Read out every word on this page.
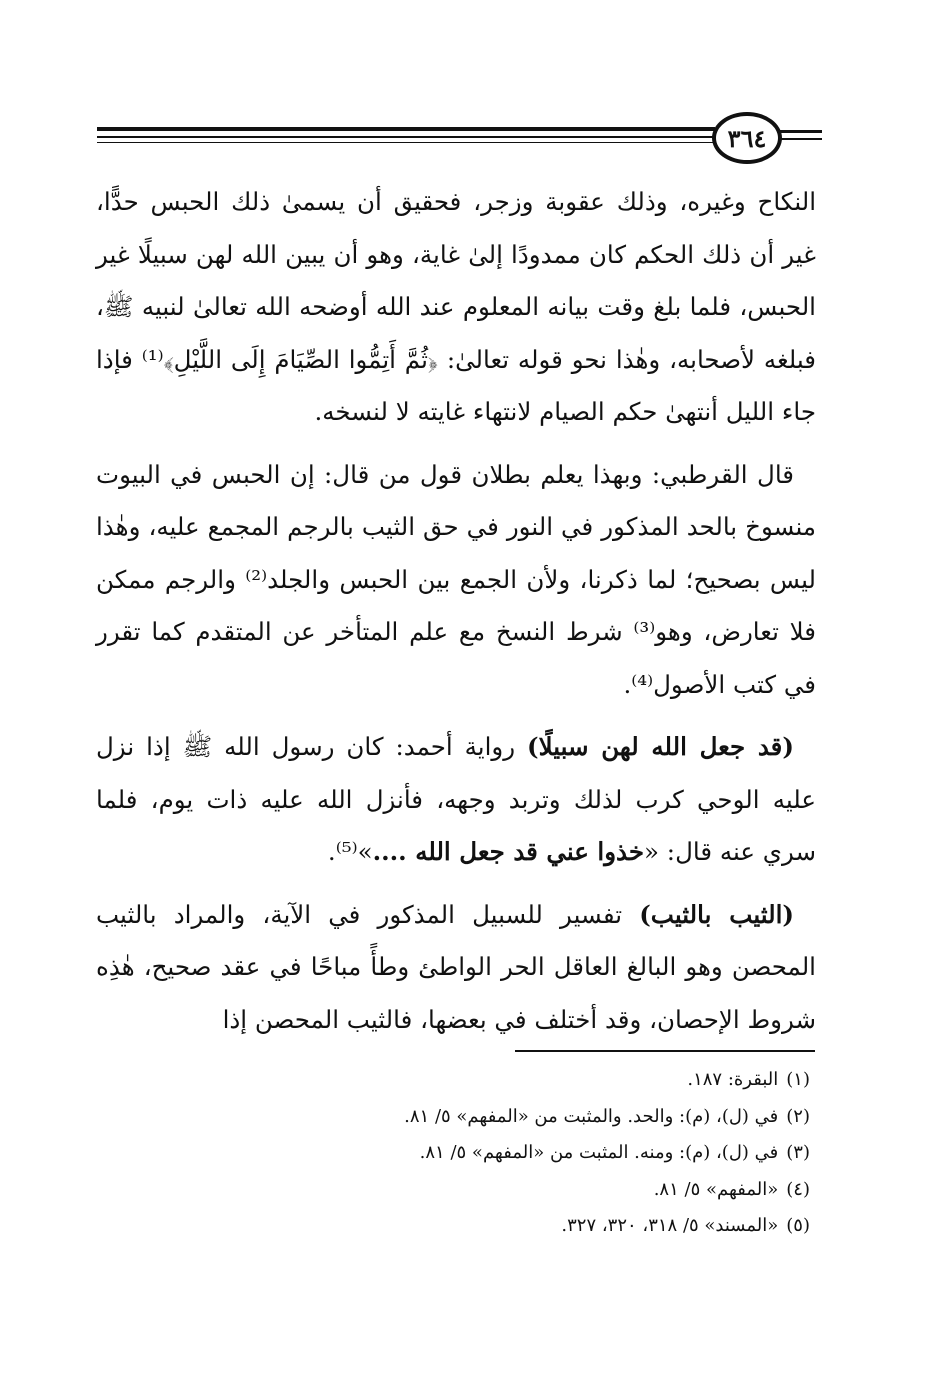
٣٦٤

النكاح وغيره، وذلك عقوبة وزجر، فحقيق أن يسمىٰ ذلك الحبس حدًّا، غير أن ذلك الحكم كان ممدودًا إلىٰ غاية، وهو أن يبين الله لهن سبيلًا غير الحبس، فلما بلغ وقت بيانه المعلوم عند الله أوضحه الله تعالىٰ لنبيه ﷺ، فبلغه لأصحابه، وهٰذا نحو قوله تعالىٰ: ﴿ثُمَّ أَتِمُّوا الصِّيَامَ إِلَى اللَّيْلِ﴾⁽¹⁾ فإذا جاء الليل أنتهىٰ حكم الصيام لانتهاء غايته لا لنسخه.

قال القرطبي: وبهذا يعلم بطلان قول من قال: إن الحبس في البيوت منسوخ بالحد المذكور في النور في حق الثيب بالرجم المجمع عليه، وهٰذا ليس بصحيح؛ لما ذكرنا، ولأن الجمع بين الحبس والجلد⁽²⁾ والرجم ممكن فلا تعارض، وهو⁽³⁾ شرط النسخ مع علم المتأخر عن المتقدم كما تقرر في كتب الأصول⁽⁴⁾.

(قد جعل الله لهن سبيلًا) رواية أحمد: كان رسول الله ﷺ إذا نزل عليه الوحي كرب لذلك وتربد وجهه، فأنزل الله عليه ذات يوم، فلما سري عنه قال: «خذوا عني قد جعل الله ....»⁽⁵⁾.

(الثيب بالثيب) تفسير للسبيل المذكور في الآية، والمراد بالثيب المحصن وهو البالغ العاقل الحر الواطئ وطأً مباحًا في عقد صحيح، هٰذِه شروط الإحصان، وقد أختلف في بعضها، فالثيب المحصن إذا

(١)البقرة: ١٨٧.

(٢)في (ل)، (م): والحد. والمثبت من «المفهم» ٥/ ٨١.

(٣)في (ل)، (م): ومنه. المثبت من «المفهم» ٥/ ٨١.

(٤)«المفهم» ٥/ ٨١.

(٥)«المسند» ٥/ ٣١٨، ٣٢٠، ٣٢٧.
